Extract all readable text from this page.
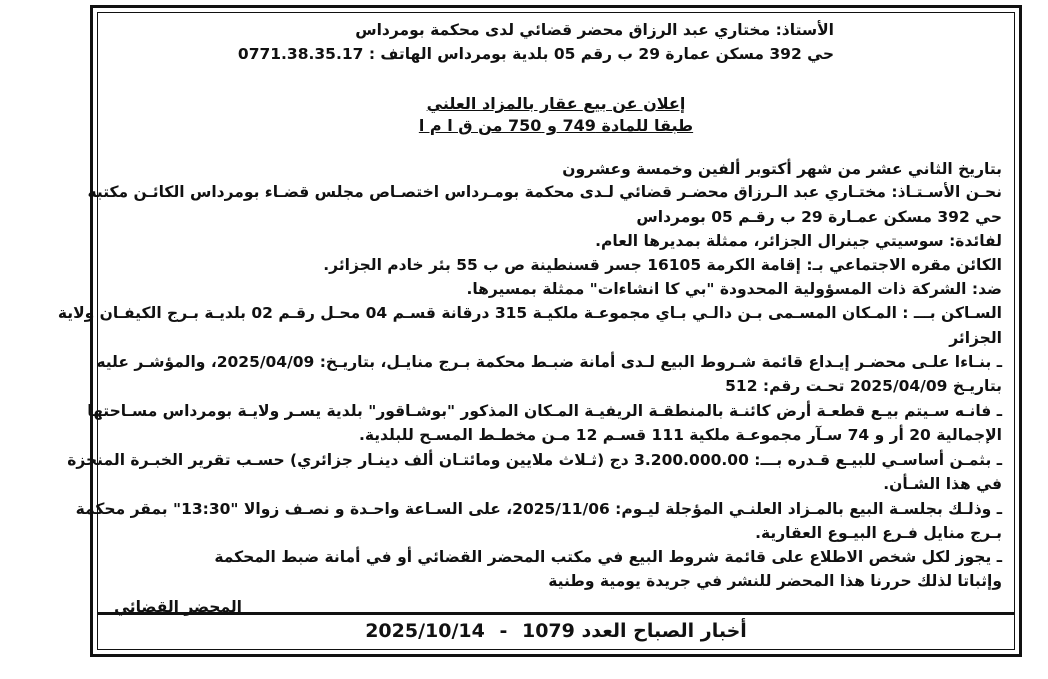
الأستاذ: مختاري عبد الرزاق محضر قضائي لدى محكمة بومرداس
حي 392 مسكن عمارة 29 ب رقم 05 بلدية بومرداس الهاتف : 0771.38.35.17
إعلان عن بيع عقار بالمزاد العلني
طبقا للمادة 749 و 750 من ق ا م ا
بتاريخ الثاني عشر من شهر أكتوبر ألفين وخمسة وعشرون
نحـن الأسـتـاذ: مختـاري عبد الـرزاق محضـر قضائي لـدى محكمة بومـرداس اختصـاص مجلس قضـاء بومرداس الكائـن مكتبه
حي 392 مسكن عمـارة 29 ب رقـم 05 بومرداس
لفائدة: سوسيتي جينرال الجزائر، ممثلة بمديرها العام.
الكائن مقره الاجتماعي بـ: إقامة الكرمة 16105 جسر قسنطينة ص ب 55 بئر خادم الجزائر.
ضد: الشركة ذات المسؤولية المحدودة "بي كا انشاءات" ممثلة بمسيرها.
السـاكن بـــ : المـكان المسـمى بـن دالـي بـاي مجموعـة ملكيـة 315 درقانة قسـم 04 محـل رقـم 02 بلديـة بـرج الكيفـان ولاية
الجزائر
ـ بنـاءا علـى محضـر إيـداع قائمة شـروط البيع لـدى أمانة ضبـط محكمة بـرج منايـل، بتاريـخ: 2025/04/09، والمؤشـر عليه
بتاريـخ 2025/04/09 تحـت رقم: 512
ـ فانـه سـيتم بيـع قطعـة أرض كائنـة بالمنطقـة الريفيـة المـكان المذكور "بوشـاقور" بلدية يسـر ولايـة بومرداس مسـاحتها
الإجمالية 20 أر و 74 سـآر مجموعـة ملكية 111 قسـم 12 مـن مخطـط المسـح للبلدية.
ـ بثمـن أساسـي للبيـع قـدره بـــ: 3.200.000.00 دج (ثـلاث ملايين ومائتـان ألف دينـار جزائري) حسـب تقرير الخبـرة المنجزة
في هذا الشـأن.
ـ وذلـك بجلسـة البيع بالمـزاد العلنـي المؤجلة ليـوم: 2025/11/06، على السـاعة واحـدة و نصـف زوالا "13:30" بمقر محكمة
بـرج منايل فـرع البيـوع العقارية.
ـ يجوز لكل شخص الاطلاع على قائمة شروط البيع في مكتب المحضر القضائي أو في أمانة ضبط المحكمة
وإثباتا لذلك حررنا هذا المحضر للنشر في جريدة يومية وطنية
المحضر القضائي
أخبار الصباح العدد 1079 - 2025/10/14
